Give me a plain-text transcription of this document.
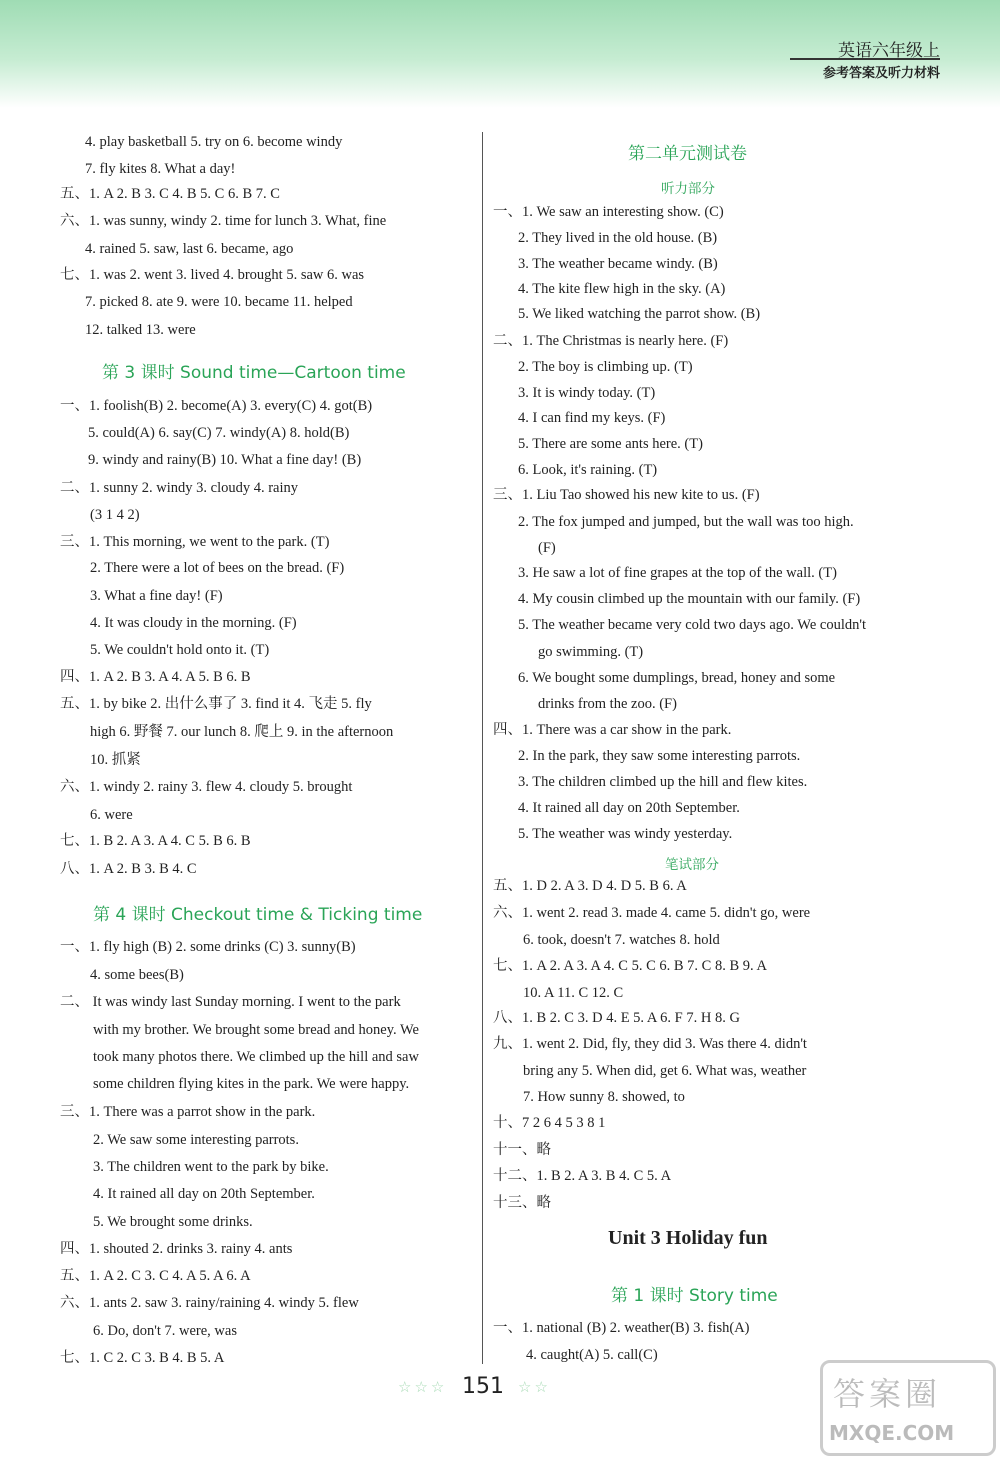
英语六年级上
参考答案及听力材料
4. play basketball 5. try on 6. become windy
7. fly kites 8. What a day!
五、1. A 2. B 3. C 4. B 5. C 6. B 7. C
六、1. was sunny, windy 2. time for lunch 3. What, fine
4. rained 5. saw, last 6. became, ago
七、1. was 2. went 3. lived 4. brought 5. saw 6. was
7. picked 8. ate 9. were 10. became 11. helped
12. talked 13. were
第 3 课时 Sound time—Cartoon time
一、1. foolish(B) 2. become(A) 3. every(C) 4. got(B)
5. could(A) 6. say(C) 7. windy(A) 8. hold(B)
9. windy and rainy(B) 10. What a fine day! (B)
二、1. sunny 2. windy 3. cloudy 4. rainy
(3 1 4 2)
三、1. This morning, we went to the park. (T)
2. There were a lot of bees on the bread. (F)
3. What a fine day! (F)
4. It was cloudy in the morning. (F)
5. We couldn't hold onto it. (T)
四、1. A 2. B 3. A 4. A 5. B 6. B
五、1. by bike 2. 出什么事了 3. find it 4. 飞走 5. fly
high 6. 野餐 7. our lunch 8. 爬上 9. in the afternoon
10. 抓紧
六、1. windy 2. rainy 3. flew 4. cloudy 5. brought
6. were
七、1. B 2. A 3. A 4. C 5. B 6. B
八、1. A 2. B 3. B 4. C
第 4 课时 Checkout time & Ticking time
一、1. fly high (B) 2. some drinks (C) 3. sunny(B)
4. some bees(B)
二、 It was windy last Sunday morning. I went to the park
with my brother. We brought some bread and honey. We
took many photos there. We climbed up the hill and saw
some children flying kites in the park. We were happy.
三、1. There was a parrot show in the park.
2. We saw some interesting parrots.
3. The children went to the park by bike.
4. It rained all day on 20th September.
5. We brought some drinks.
四、1. shouted 2. drinks 3. rainy 4. ants
五、1. A 2. C 3. C 4. A 5. A 6. A
六、1. ants 2. saw 3. rainy/raining 4. windy 5. flew
6. Do, don't 7. were, was
七、1. C 2. C 3. B 4. B 5. A
第二单元测试卷
听力部分
一、1. We saw an interesting show. (C)
2. They lived in the old house. (B)
3. The weather became windy. (B)
4. The kite flew high in the sky. (A)
5. We liked watching the parrot show. (B)
二、1. The Christmas is nearly here. (F)
2. The boy is climbing up. (T)
3. It is windy today. (T)
4. I can find my keys. (F)
5. There are some ants here. (T)
6. Look, it's raining. (T)
三、1. Liu Tao showed his new kite to us. (F)
2. The fox jumped and jumped, but the wall was too high.
(F)
3. He saw a lot of fine grapes at the top of the wall. (T)
4. My cousin climbed up the mountain with our family. (F)
5. The weather became very cold two days ago. We couldn't
go swimming. (T)
6. We bought some dumplings, bread, honey and some
drinks from the zoo. (F)
四、1. There was a car show in the park.
2. In the park, they saw some interesting parrots.
3. The children climbed up the hill and flew kites.
4. It rained all day on 20th September.
5. The weather was windy yesterday.
笔试部分
五、1. D 2. A 3. D 4. D 5. B 6. A
六、1. went 2. read 3. made 4. came 5. didn't go, were
6. took, doesn't 7. watches 8. hold
七、1. A 2. A 3. A 4. C 5. C 6. B 7. C 8. B 9. A
10. A 11. C 12. C
八、1. B 2. C 3. D 4. E 5. A 6. F 7. H 8. G
九、1. went 2. Did, fly, they did 3. Was there 4. didn't
bring any 5. When did, get 6. What was, weather
7. How sunny 8. showed, to
十、7 2 6 4 5 3 8 1
十一、略
十二、1. B 2. A 3. B 4. C 5. A
十三、略
Unit 3 Holiday fun
第 1 课时 Story time
一、1. national (B) 2. weather(B) 3. fish(A)
4. caught(A) 5. call(C)
☆☆☆ 151 ☆☆	答案圈
MXQE.COM
